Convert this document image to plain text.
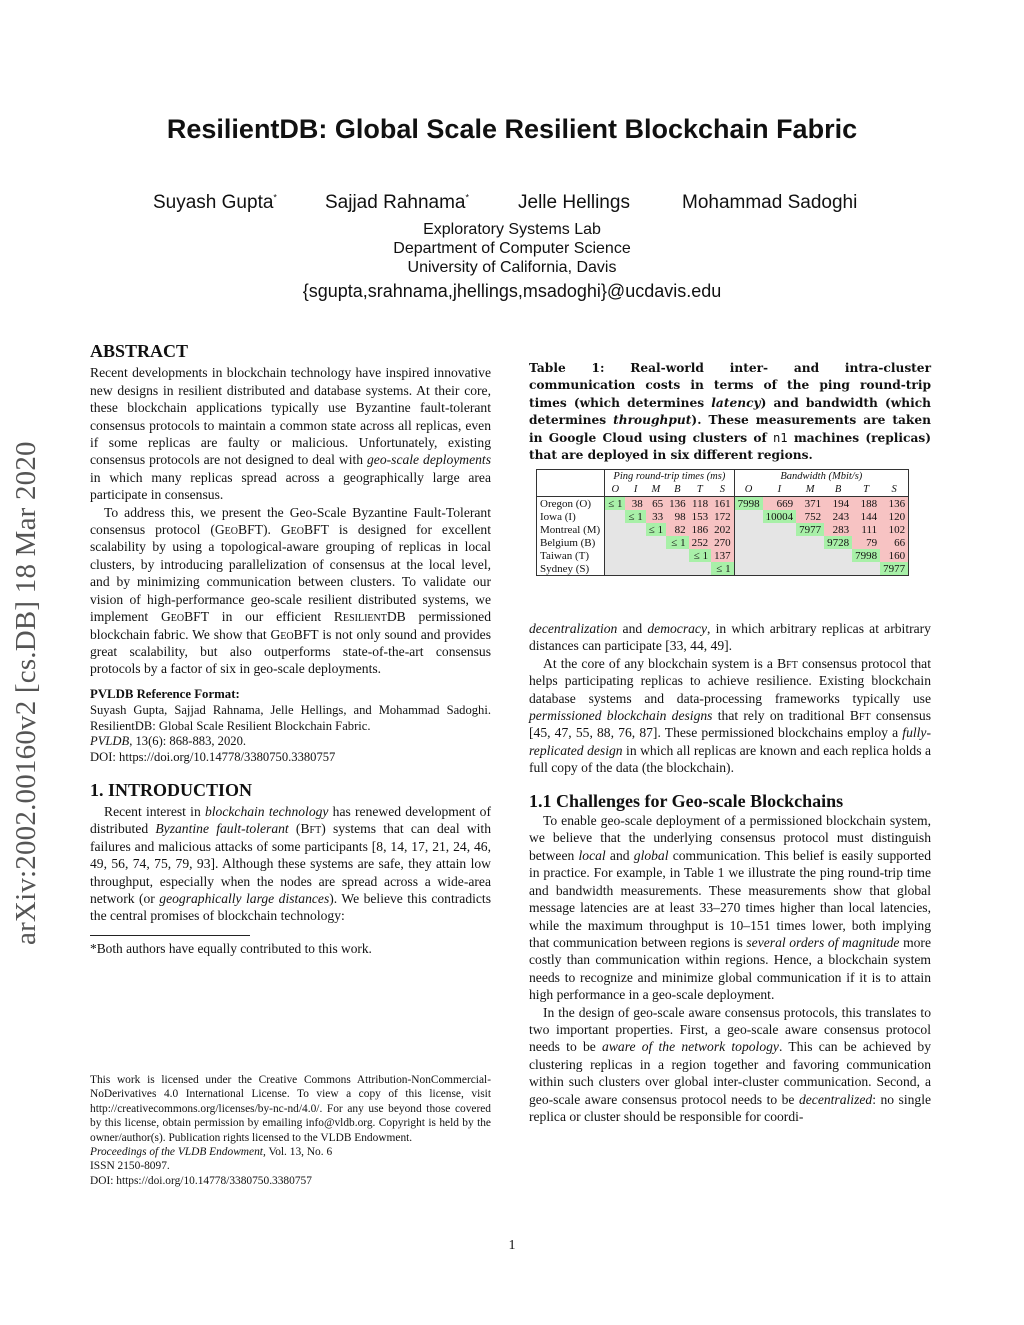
ResilientDB: Global Scale Resilient Blockchain Fabric
Suyash Gupta*	Sajjad Rahnama*	Jelle Hellings	Mohammad Sadoghi
Exploratory Systems Lab
Department of Computer Science
University of California, Davis
{sgupta,srahnama,jhellings,msadoghi}@ucdavis.edu
arXiv:2002.00160v2 [cs.DB] 18 Mar 2020
ABSTRACT

Recent developments in blockchain technology have inspired innovative new designs in resilient distributed and database systems. At their core, these blockchain applications typically use Byzantine fault-tolerant consensus protocols to maintain a common state across all replicas, even if some replicas are faulty or malicious. Unfortunately, existing consensus protocols are not designed to deal with geo-scale deployments in which many replicas spread across a geographically large area participate in consensus.

To address this, we present the Geo-Scale Byzantine Fault-Tolerant consensus protocol (GeoBFT). GeoBFT is designed for excellent scalability by using a topological-aware grouping of replicas in local clusters, by introducing parallelization of consensus at the local level, and by minimizing communication between clusters. To validate our vision of high-performance geo-scale resilient distributed systems, we implement GeoBFT in our efficient ResilientDB permissioned blockchain fabric. We show that GeoBFT is not only sound and provides great scalability, but also outperforms state-of-the-art consensus protocols by a factor of six in geo-scale deployments.

PVLDB Reference Format:

Suyash Gupta, Sajjad Rahnama, Jelle Hellings, and Mohammad Sadoghi. ResilientDB: Global Scale Resilient Blockchain Fabric.
PVLDB, 13(6): 868-883, 2020.
DOI: https://doi.org/10.14778/3380750.3380757

1. INTRODUCTION

Recent interest in blockchain technology has renewed development of distributed Byzantine fault-tolerant (Bft) systems that can deal with failures and malicious attacks of some participants [8, 14, 17, 21, 24, 46, 49, 56, 74, 75, 79, 93]. Although these systems are safe, they attain low throughput, especially when the nodes are spread across a wide-area network (or geographically large distances). We believe this contradicts the central promises of blockchain technology:

*Both authors have equally contributed to this work.

This work is licensed under the Creative Commons Attribution-NonCommercial-NoDerivatives 4.0 International License. To view a copy of this license, visit http://creativecommons.org/licenses/by-nc-nd/4.0/. For any use beyond those covered by this license, obtain permission by emailing info@vldb.org. Copyright is held by the owner/author(s). Publication rights licensed to the VLDB Endowment.

Proceedings of the VLDB Endowment, Vol. 13, No. 6

ISSN 2150-8097.

DOI: https://doi.org/10.14778/3380750.3380757

Table 1: Real-world inter- and intra-cluster communication costs in terms of the ping round-trip times (which determines latency) and bandwidth (which determines throughput). These measurements are taken in Google Cloud using clusters of n1 machines (replicas) that are deployed in six different regions.
	Ping round-trip times (ms)						Bandwidth (Mbit/s)					
	O	I	M	B	T	S	O	I	M	B	T	S
Oregon (O)	≤ 1	38	65	136	118	161	7998	669	371	194	188	136
Iowa (I)		≤ 1	33	98	153	172		10004	752	243	144	120
Montreal (M)			≤ 1	82	186	202			7977	283	111	102
Belgium (B)				≤ 1	252	270				9728	79	66
Taiwan (T)					≤ 1	137					7998	160
Sydney (S)						≤ 1						7977

decentralization and democracy, in which arbitrary replicas at arbitrary distances can participate [33, 44, 49].

At the core of any blockchain system is a Bft consensus protocol that helps participating replicas to achieve resilience. Existing blockchain database systems and data-processing frameworks typically use permissioned blockchain designs that rely on traditional Bft consensus [45, 47, 55, 88, 76, 87]. These permissioned blockchains employ a fully-replicated design in which all replicas are known and each replica holds a full copy of the data (the blockchain).

1.1 Challenges for Geo-scale Blockchains

To enable geo-scale deployment of a permissioned blockchain system, we believe that the underlying consensus protocol must distinguish between local and global communication. This belief is easily supported in practice. For example, in Table 1 we illustrate the ping round-trip time and bandwidth measurements. These measurements show that global message latencies are at least 33–270 times higher than local latencies, while the maximum throughput is 10–151 times lower, both implying that communication between regions is several orders of magnitude more costly than communication within regions. Hence, a blockchain system needs to recognize and minimize global communication if it is to attain high performance in a geo-scale deployment.

In the design of geo-scale aware consensus protocols, this translates to two important properties. First, a geo-scale aware consensus protocol needs to be aware of the network topology. This can be achieved by clustering replicas in a region together and favoring communication within such clusters over global inter-cluster communication. Second, a geo-scale aware consensus protocol needs to be decentralized: no single replica or cluster should be responsible for coordi-

1
